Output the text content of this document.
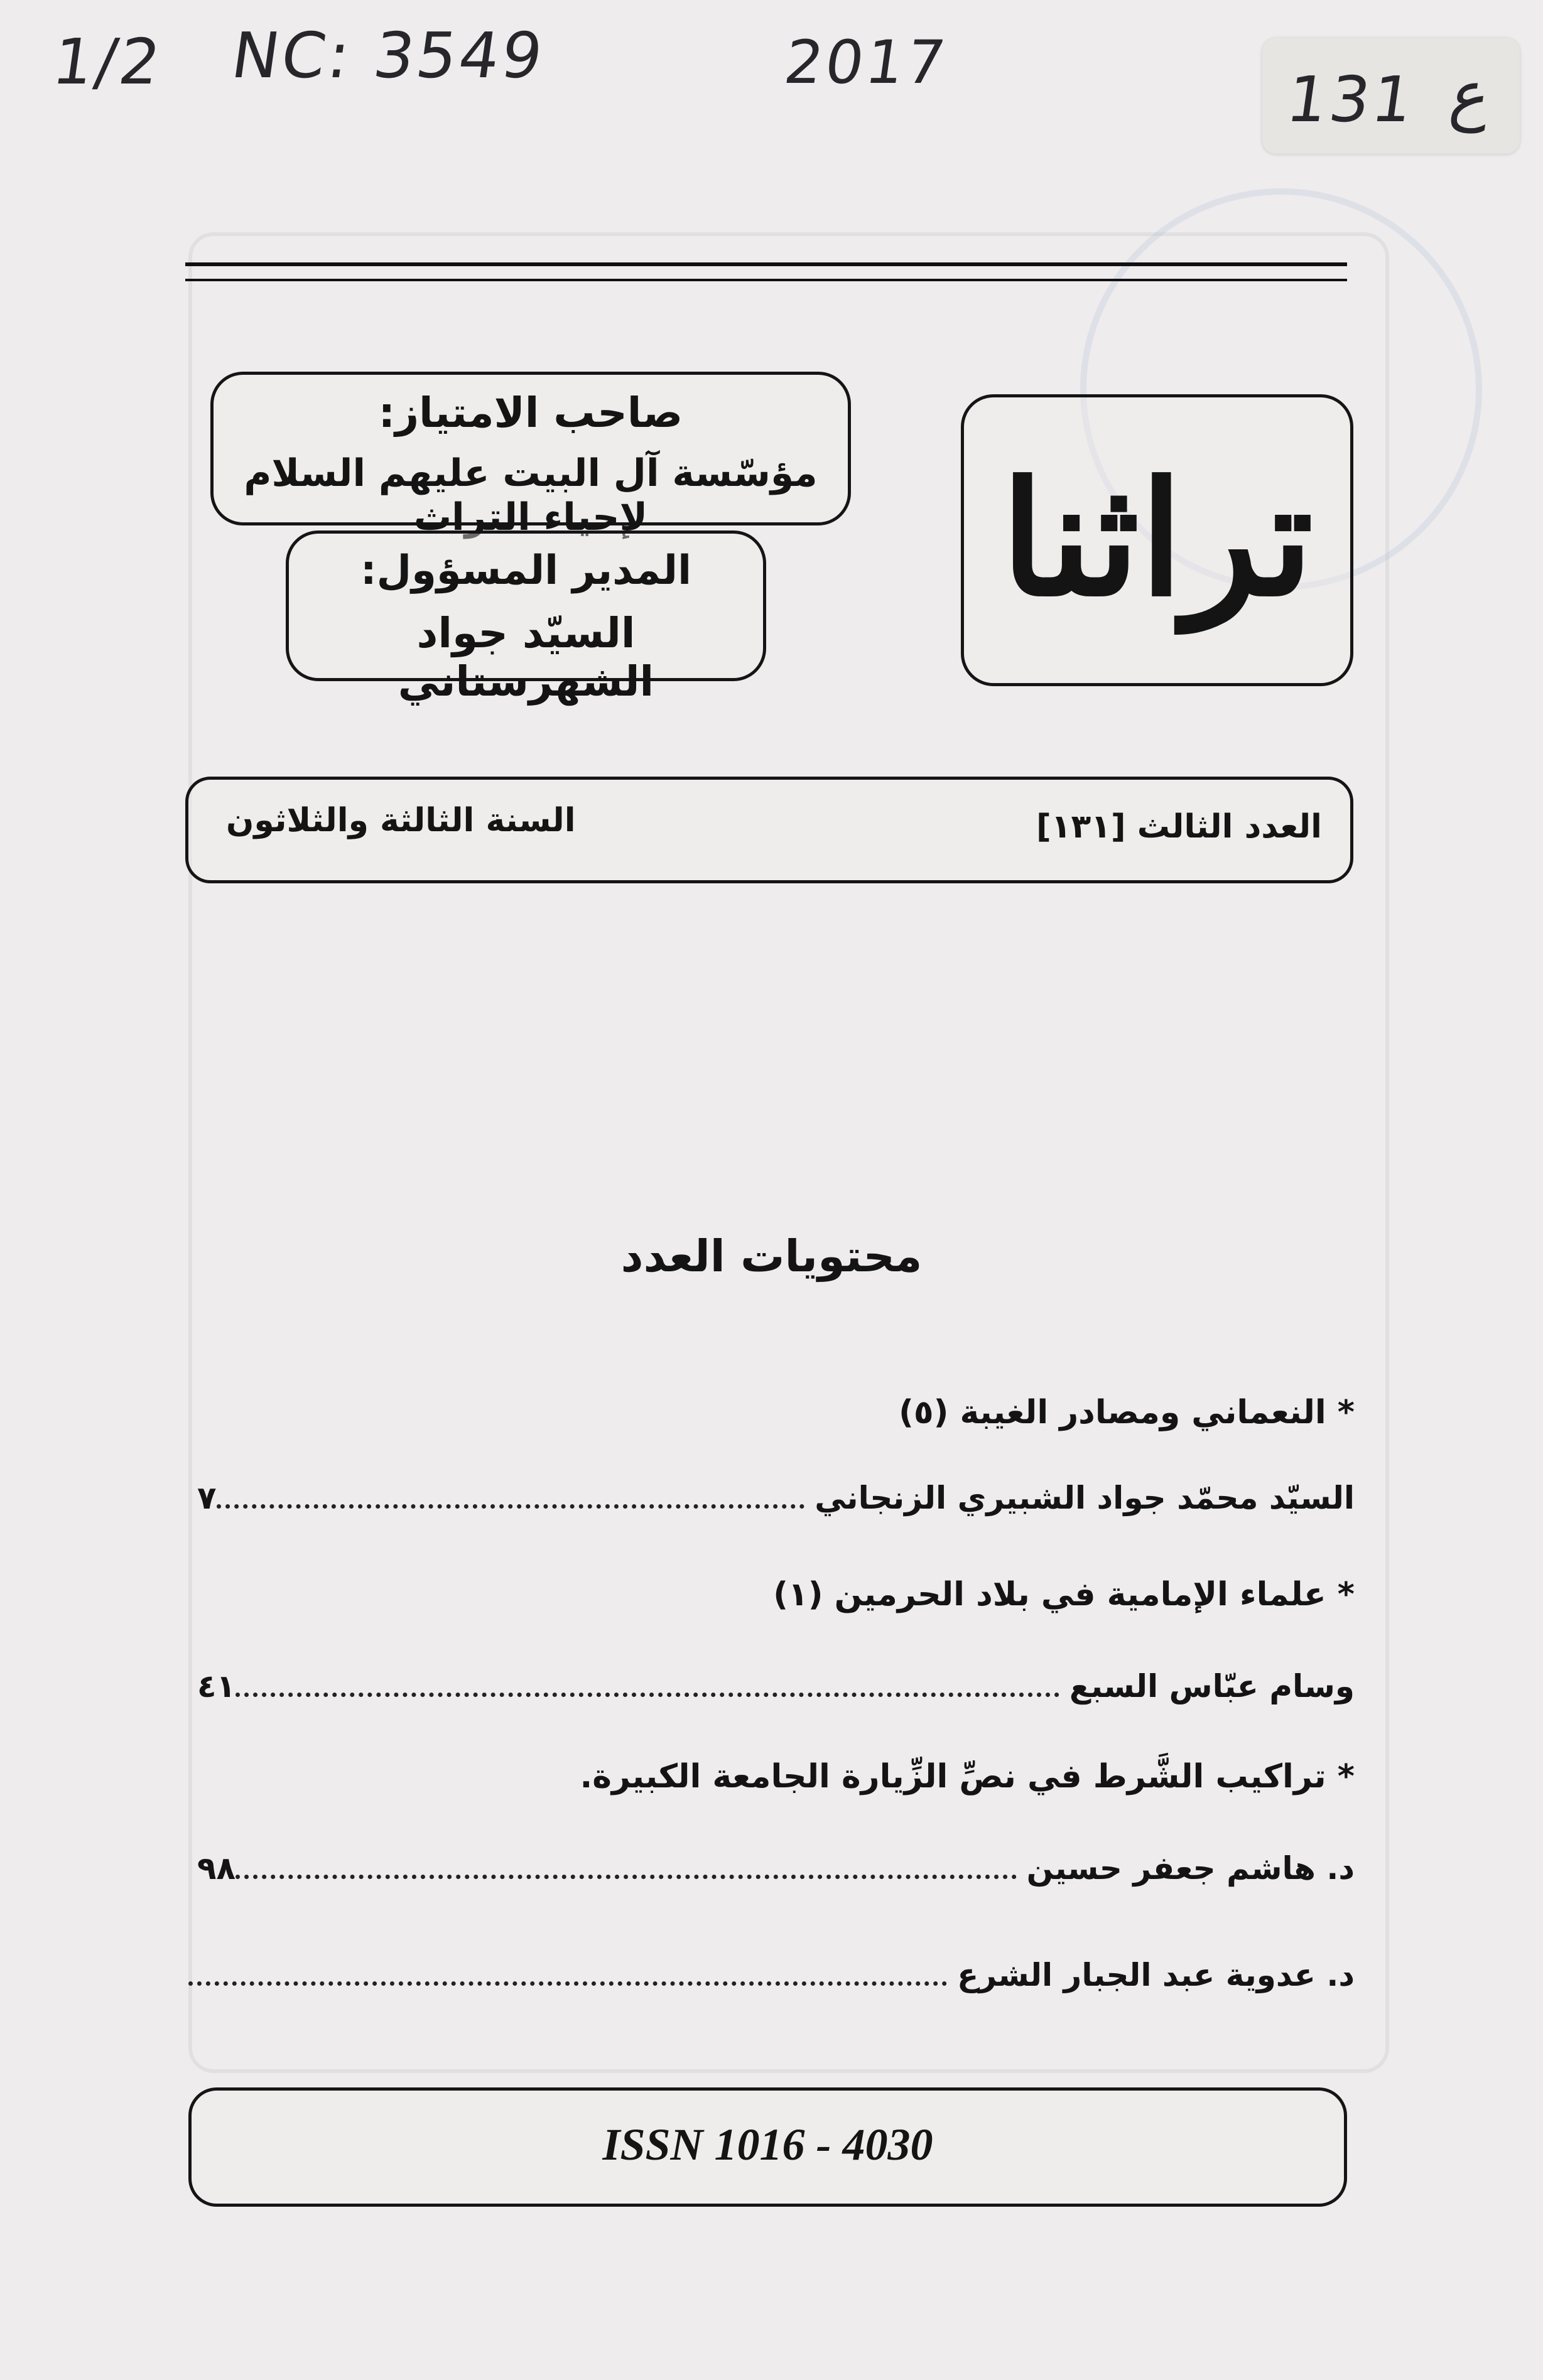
1/2 NC: 3549	2017	131 ع
تراثنا
صاحب الامتياز:
مؤسّسة آل البيت عليهم السلام لإحياء التراث
المدير المسؤول:
السيّد جواد الشهرستاني
العدد الثالث [١٣١]
السنة الثالثة والثلاثون
محتويات العدد
* النعماني ومصادر الغيبة (٥)
السيّد محمّد جواد الشبيري الزنجاني
٧
* علماء الإمامية في بلاد الحرمين (١)
وسام عبّاس السبع
٤١
* تراكيب الشَّرط في نصِّ الزِّيارة الجامعة الكبيرة.
د. هاشم جعفر حسين
٩٨
د. عدوية عبد الجبار الشرع
ISSN 1016 - 4030
